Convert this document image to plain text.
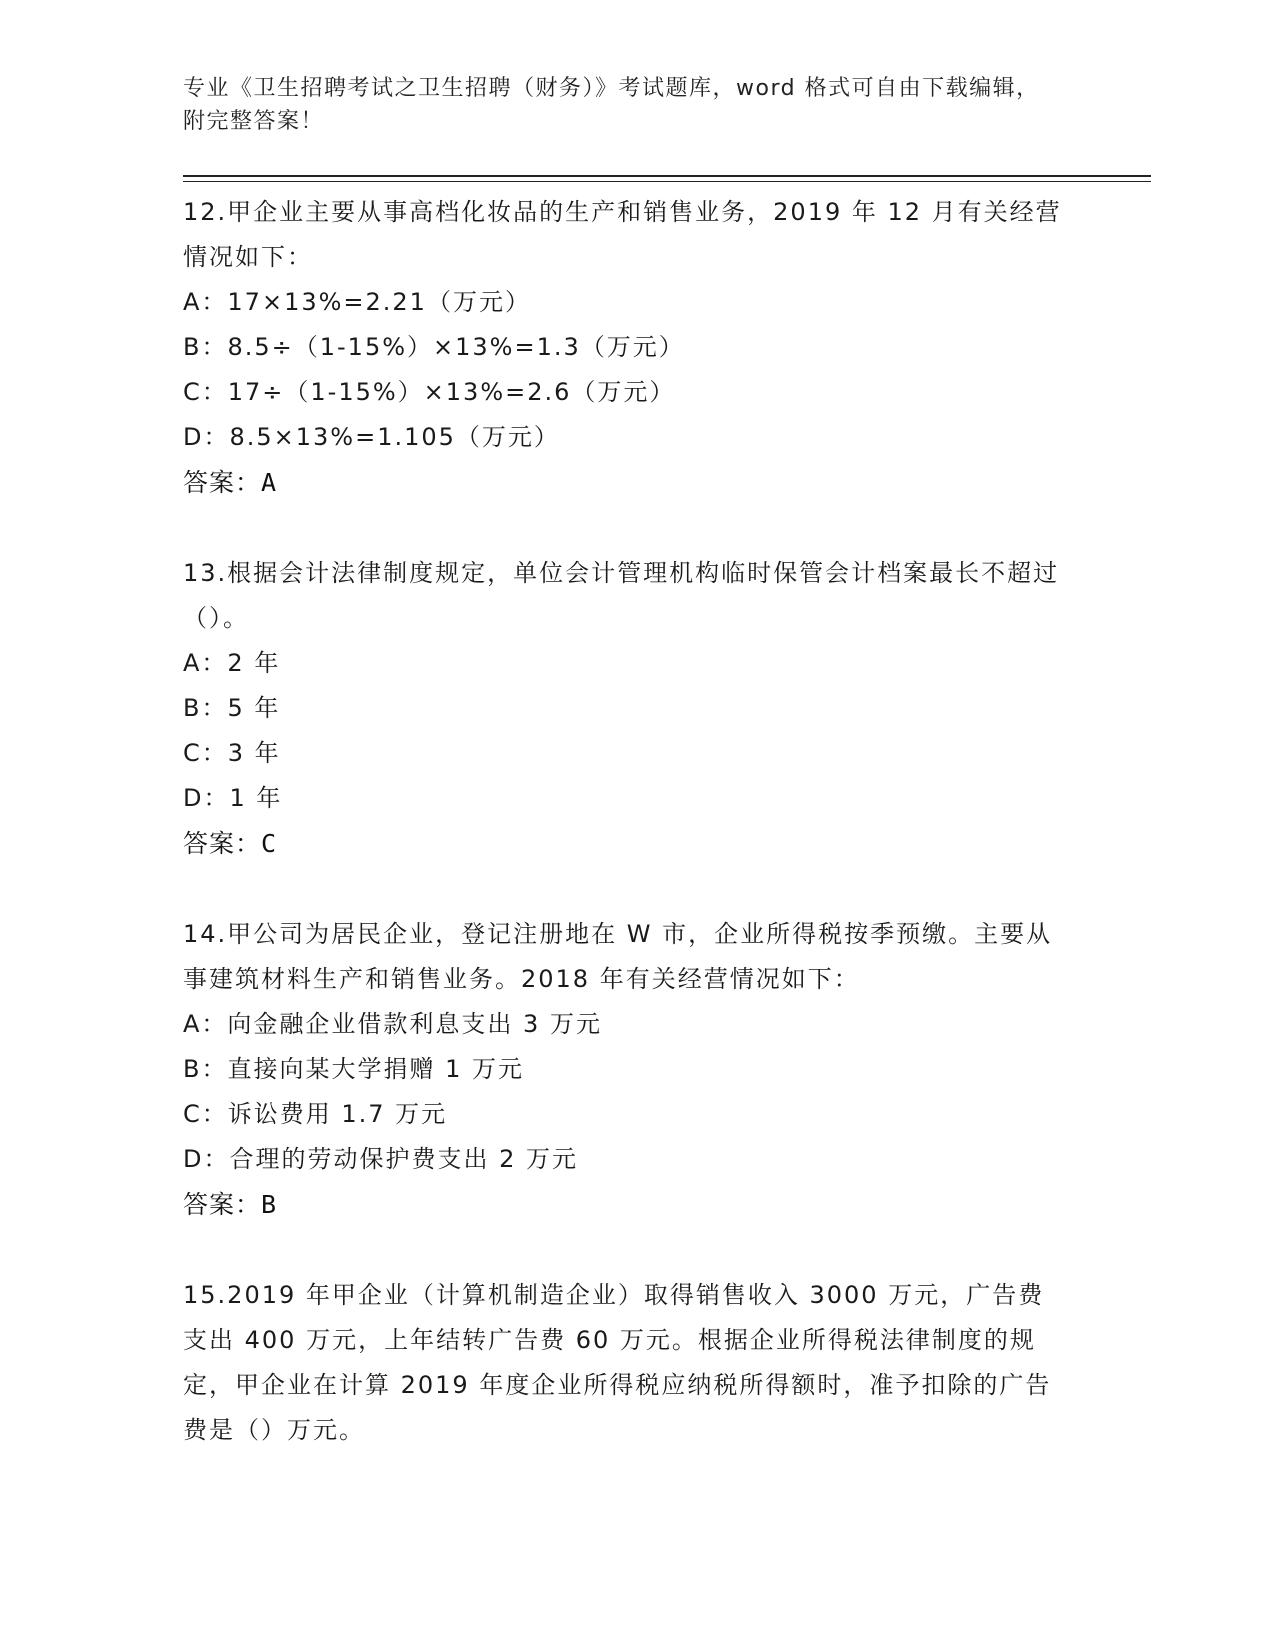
专业《卫生招聘考试之卫生招聘（财务）》考试题库，word 格式可自由下载编辑，附完整答案！
12.甲企业主要从事高档化妆品的生产和销售业务，2019 年 12 月有关经营情况如下：
A：17×13%=2.21（万元）
B：8.5÷（1-15%）×13%=1.3（万元）
C：17÷（1-15%）×13%=2.6（万元）
D：8.5×13%=1.105（万元）
答案：A
13.根据会计法律制度规定，单位会计管理机构临时保管会计档案最长不超过（）。
A：2 年
B：5 年
C：3 年
D：1 年
答案：C
14.甲公司为居民企业，登记注册地在 W 市，企业所得税按季预缴。主要从事建筑材料生产和销售业务。2018 年有关经营情况如下：
A：向金融企业借款利息支出 3 万元
B：直接向某大学捐赠 1 万元
C：诉讼费用 1.7 万元
D：合理的劳动保护费支出 2 万元
答案：B
15.2019 年甲企业（计算机制造企业）取得销售收入 3000 万元，广告费支出 400 万元，上年结转广告费 60 万元。根据企业所得税法律制度的规定，甲企业在计算 2019 年度企业所得税应纳税所得额时，准予扣除的广告费是（）万元。
